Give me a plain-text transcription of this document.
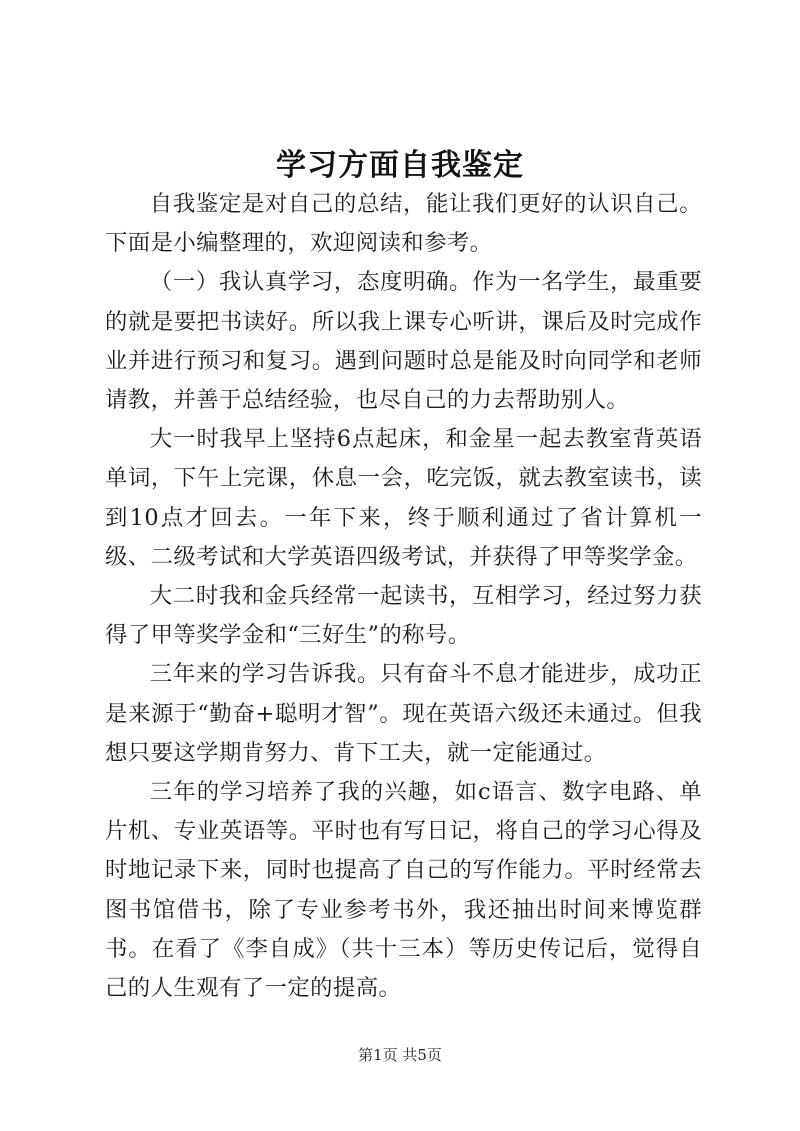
学习方面自我鉴定

自我鉴定是对自己的总结，能让我们更好的认识自己。下面是小编整理的，欢迎阅读和参考。

（一）我认真学习，态度明确。作为一名学生，最重要的就是要把书读好。所以我上课专心听讲，课后及时完成作业并进行预习和复习。遇到问题时总是能及时向同学和老师请教，并善于总结经验，也尽自己的力去帮助别人。

大一时我早上坚持6点起床，和金星一起去教室背英语单词，下午上完课，休息一会，吃完饭，就去教室读书，读到10点才回去。一年下来，终于顺利通过了省计算机一级、二级考试和大学英语四级考试，并获得了甲等奖学金。

大二时我和金兵经常一起读书，互相学习，经过努力获得了甲等奖学金和“三好生”的称号。

三年来的学习告诉我。只有奋斗不息才能进步，成功正是来源于“勤奋+聪明才智”。现在英语六级还未通过。但我想只要这学期肯努力、肯下工夫，就一定能通过。

三年的学习培养了我的兴趣，如c语言、数字电路、单片机、专业英语等。平时也有写日记，将自己的学习心得及时地记录下来，同时也提高了自己的写作能力。平时经常去图书馆借书，除了专业参考书外，我还抽出时间来博览群书。在看了《李自成》（共十三本）等历史传记后，觉得自己的人生观有了一定的提高。

第1页 共5页
